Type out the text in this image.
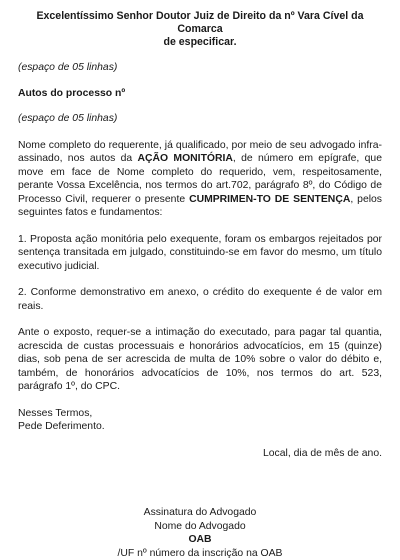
Excelentíssimo Senhor Doutor Juiz de Direito da nº Vara Cível da Comarca
de especificar.

(espaço de 05 linhas)

Autos do processo nº

(espaço de 05 linhas)

Nome completo do requerente, já qualificado, por meio de seu advogado infra-assinado, nos autos da AÇÃO MONITÓRIA, de número em epígrafe, que move em face de Nome completo do requerido, vem, respeitosamente, perante Vossa Excelência, nos termos do art.702, parágrafo 8º, do Código de Processo Civil, requerer o presente CUMPRIMEN-TO DE SENTENÇA, pelos seguintes fatos e fundamentos:

1. Proposta ação monitória pelo exequente, foram os embargos rejeitados por sentença transitada em julgado, constituindo-se em favor do mesmo, um título executivo judicial.

2. Conforme demonstrativo em anexo, o crédito do exequente é de valor em reais.

Ante o exposto, requer-se a intimação do executado, para pagar tal quantia, acrescida de custas processuais e honorários advocatícios, em 15 (quinze) dias, sob pena de ser acrescida de multa de 10% sobre o valor do débito e, também, de honorários advocatícios de 10%, nos termos do art. 523, parágrafo 1º, do CPC.

Nesses Termos,

Pede Deferimento.

Local, dia de mês de ano.

Assinatura do Advogado
Nome do Advogado
OAB
/UF nº número da inscrição na OAB
